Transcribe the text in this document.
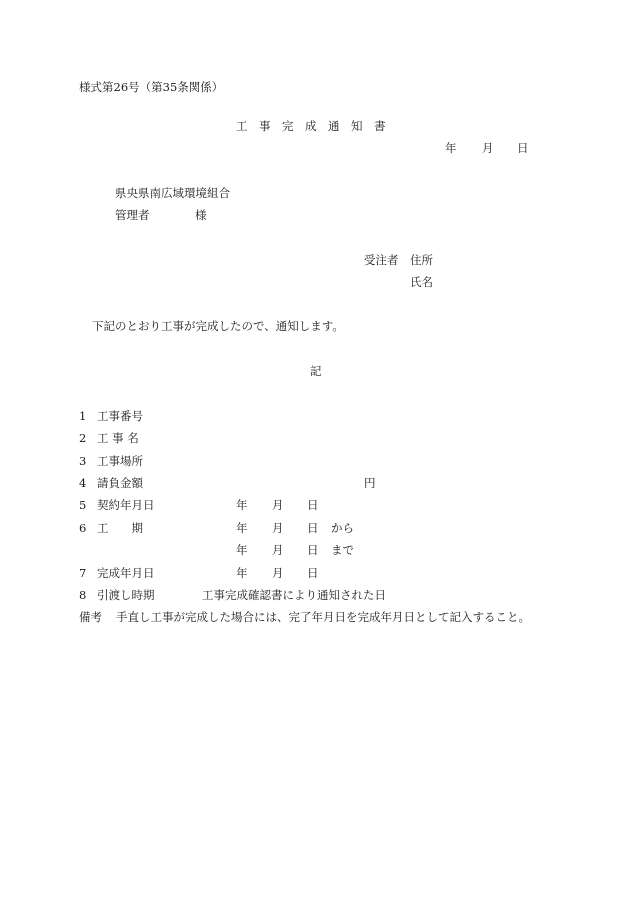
様式第26号（第35条関係）
工　事　完　成　通　知　書
年 月 日
県央県南広域環境組合
管理者	様
受注者 住所
氏名
下記のとおり工事が完成したので、通知します。
記
1 工事番号
2 工 事 名
3 工事場所
4 請負金額	円
5 契約年月日	年 月 日
6 工　　期	年 月 日 から
年 月 日 まで
7 完成年月日	年 月 日
8 引渡し時期	工事完成確認書により通知された日
備考 手直し工事が完成した場合には、完了年月日を完成年月日として記入すること。
